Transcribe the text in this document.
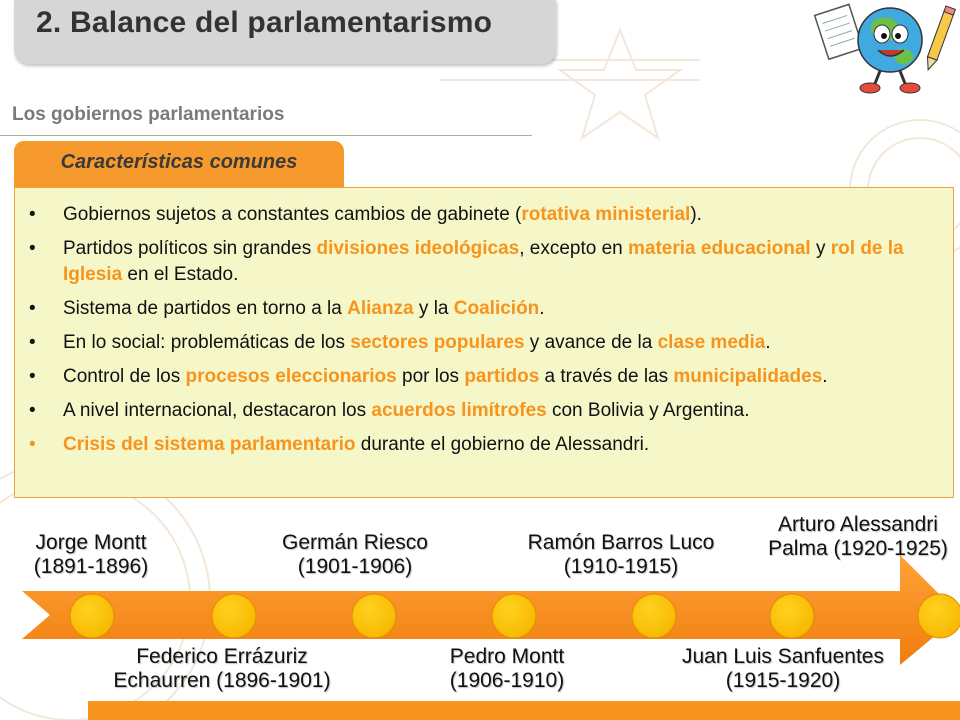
2. Balance del parlamentarismo
Los gobiernos parlamentarios
Características comunes
• Gobiernos sujetos a constantes cambios de gabinete (rotativa ministerial).
• Partidos políticos sin grandes divisiones ideológicas, excepto en materia educacional y rol de la Iglesia en el Estado.
• Sistema de partidos en torno a la Alianza y la Coalición.
• En lo social: problemáticas de los sectores populares y avance de la clase media.
• Control de los procesos eleccionarios por los partidos a través de las municipalidades.
• A nivel internacional, destacaron los acuerdos limítrofes con Bolivia y Argentina.
• Crisis del sistema parlamentario durante el gobierno de Alessandri.
Jorge Montt
(1891-1896)
Germán Riesco
(1901-1906)
Ramón Barros Luco
(1910-1915)
Arturo Alessandri
Palma (1920-1925)
Federico Errázuriz
Echaurren (1896-1901)
Pedro Montt
(1906-1910)
Juan Luis Sanfuentes
(1915-1920)
